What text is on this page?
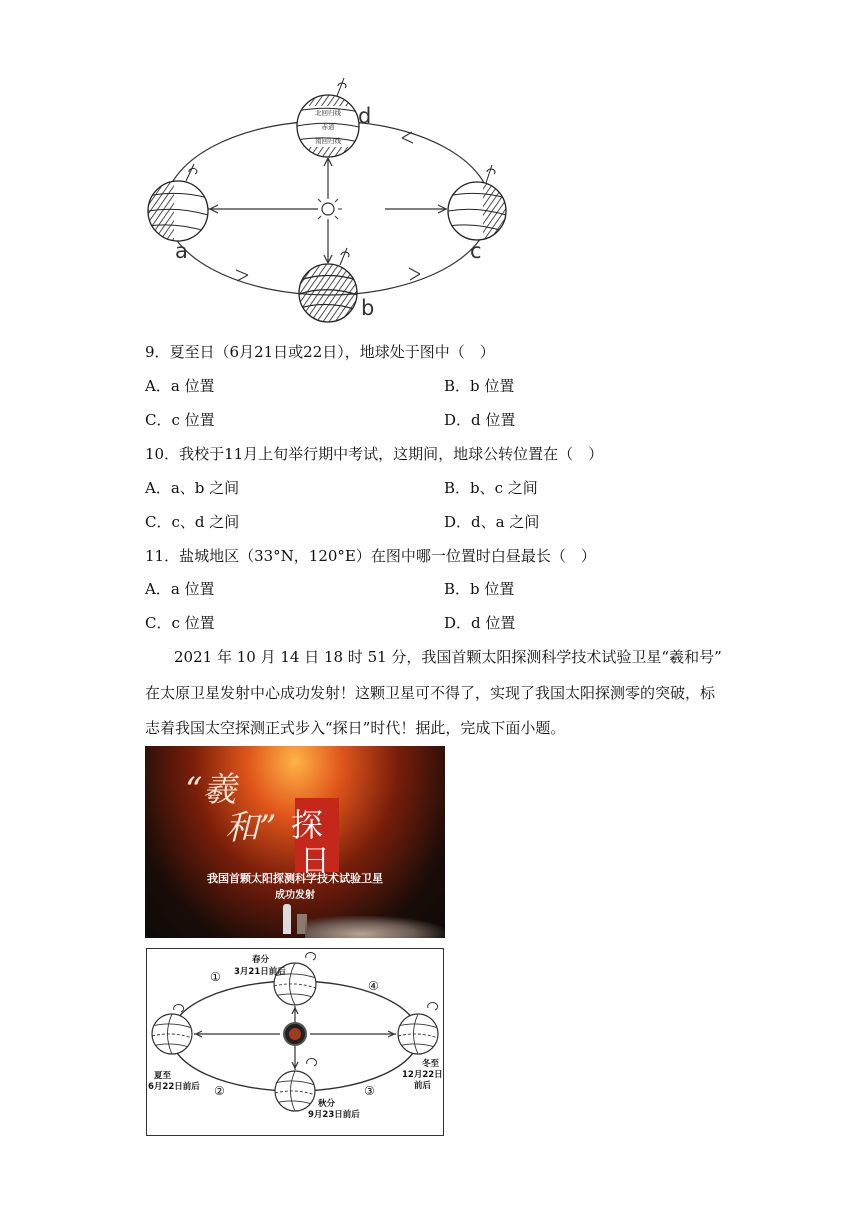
北回归线
赤道
南回归线
a
b
c
d
9．夏至日（6月21日或22日），地球处于图中（　）
A．a 位置	B．b 位置
C．c 位置	D．d 位置
10．我校于11月上旬举行期中考试，这期间，地球公转位置在（　）
A．a、b 之间	B．b、c 之间
C．c、d 之间	D．d、a 之间
11．盐城地区（33°N，120°E）在图中哪一位置时白昼最长（　）
A．a 位置	B．b 位置
C．c 位置	D．d 位置
2021 年 10 月 14 日 18 时 51 分，我国首颗太阳探测科学技术试验卫星“羲和号”
在太原卫星发射中心成功发射！这颗卫星可不得了，实现了我国太阳探测零的突破，标
志着我国太空探测正式步入“探日”时代！据此，完成下面小题。
“羲
和” 探
日
我国首颗太阳探测科学技术试验卫星
成功发射
春分
3月21日前后
夏至
6月22日前后
秋分
9月23日前后
冬至
12月22日
前后
①
②	③
④
